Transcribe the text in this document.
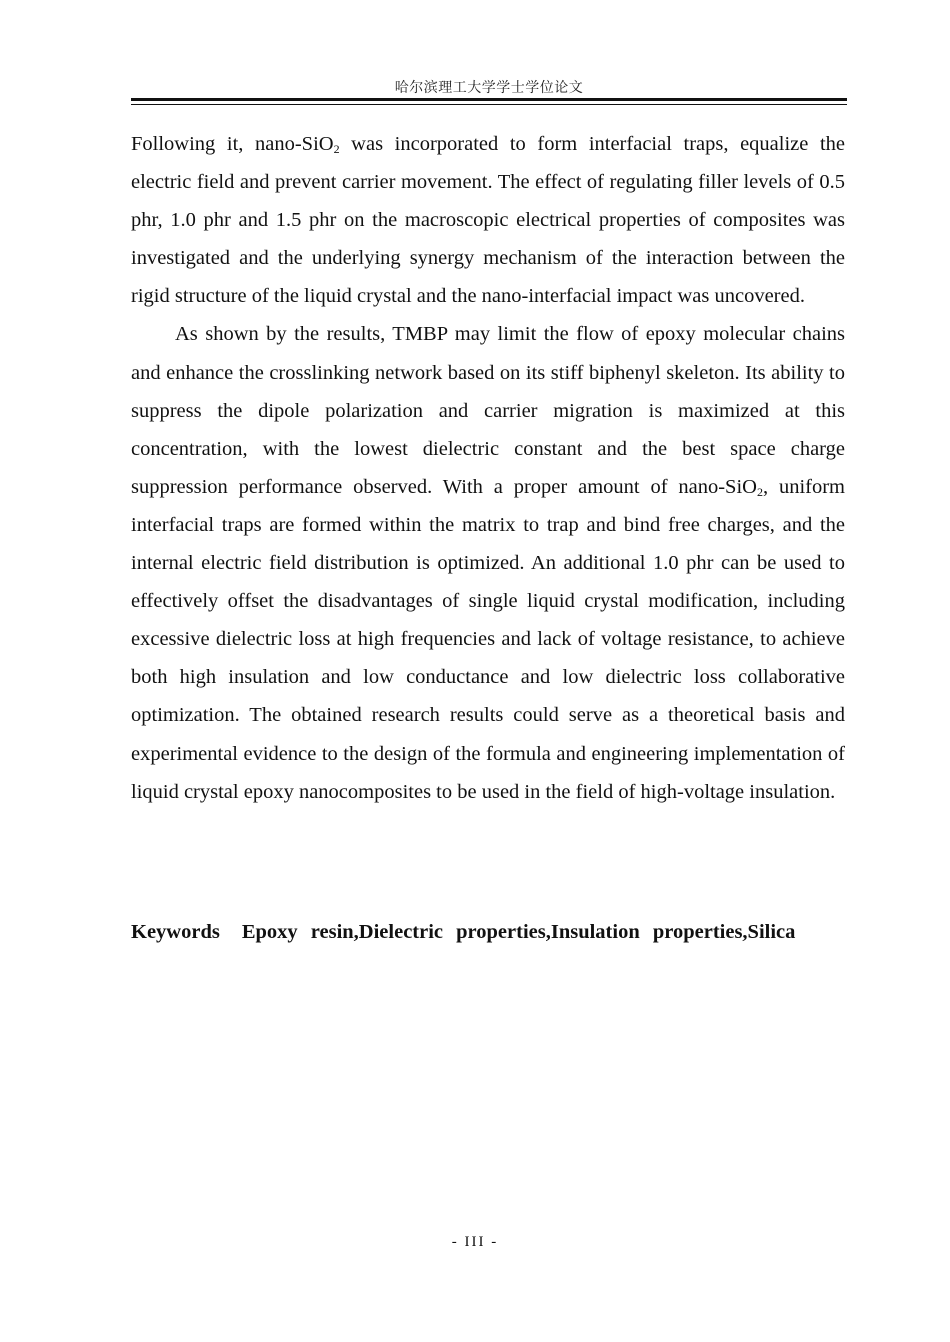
哈尔滨理工大学学士学位论文

Following it, nano-SiO$_2$ was incorporated to form interfacial traps, equalize the electric field and prevent carrier movement. The effect of regulating filler levels of 0.5 phr, 1.0 phr and 1.5 phr on the macroscopic electrical properties of composites was investigated and the underlying synergy mechanism of the interaction between the rigid structure of the liquid crystal and the nano-interfacial impact was uncovered.

As shown by the results, TMBP may limit the flow of epoxy molecular chains and enhance the crosslinking network based on its stiff biphenyl skeleton. Its ability to suppress the dipole polarization and carrier migration is maximized at this concentration, with the lowest dielectric constant and the best space charge suppression performance observed. With a proper amount of nano-SiO$_2$, uniform interfacial traps are formed within the matrix to trap and bind free charges, and the internal electric field distribution is optimized. An additional 1.0 phr can be used to effectively offset the disadvantages of single liquid crystal modification, including excessive dielectric loss at high frequencies and lack of voltage resistance, to achieve both high insulation and low conductance and low dielectric loss collaborative optimization. The obtained research results could serve as a theoretical basis and experimental evidence to the design of the formula and engineering implementation of liquid crystal epoxy nanocomposites to be used in the field of high-voltage insulation.

Keywords Epoxy resin,Dielectric properties,Insulation properties,Silica
- III -
